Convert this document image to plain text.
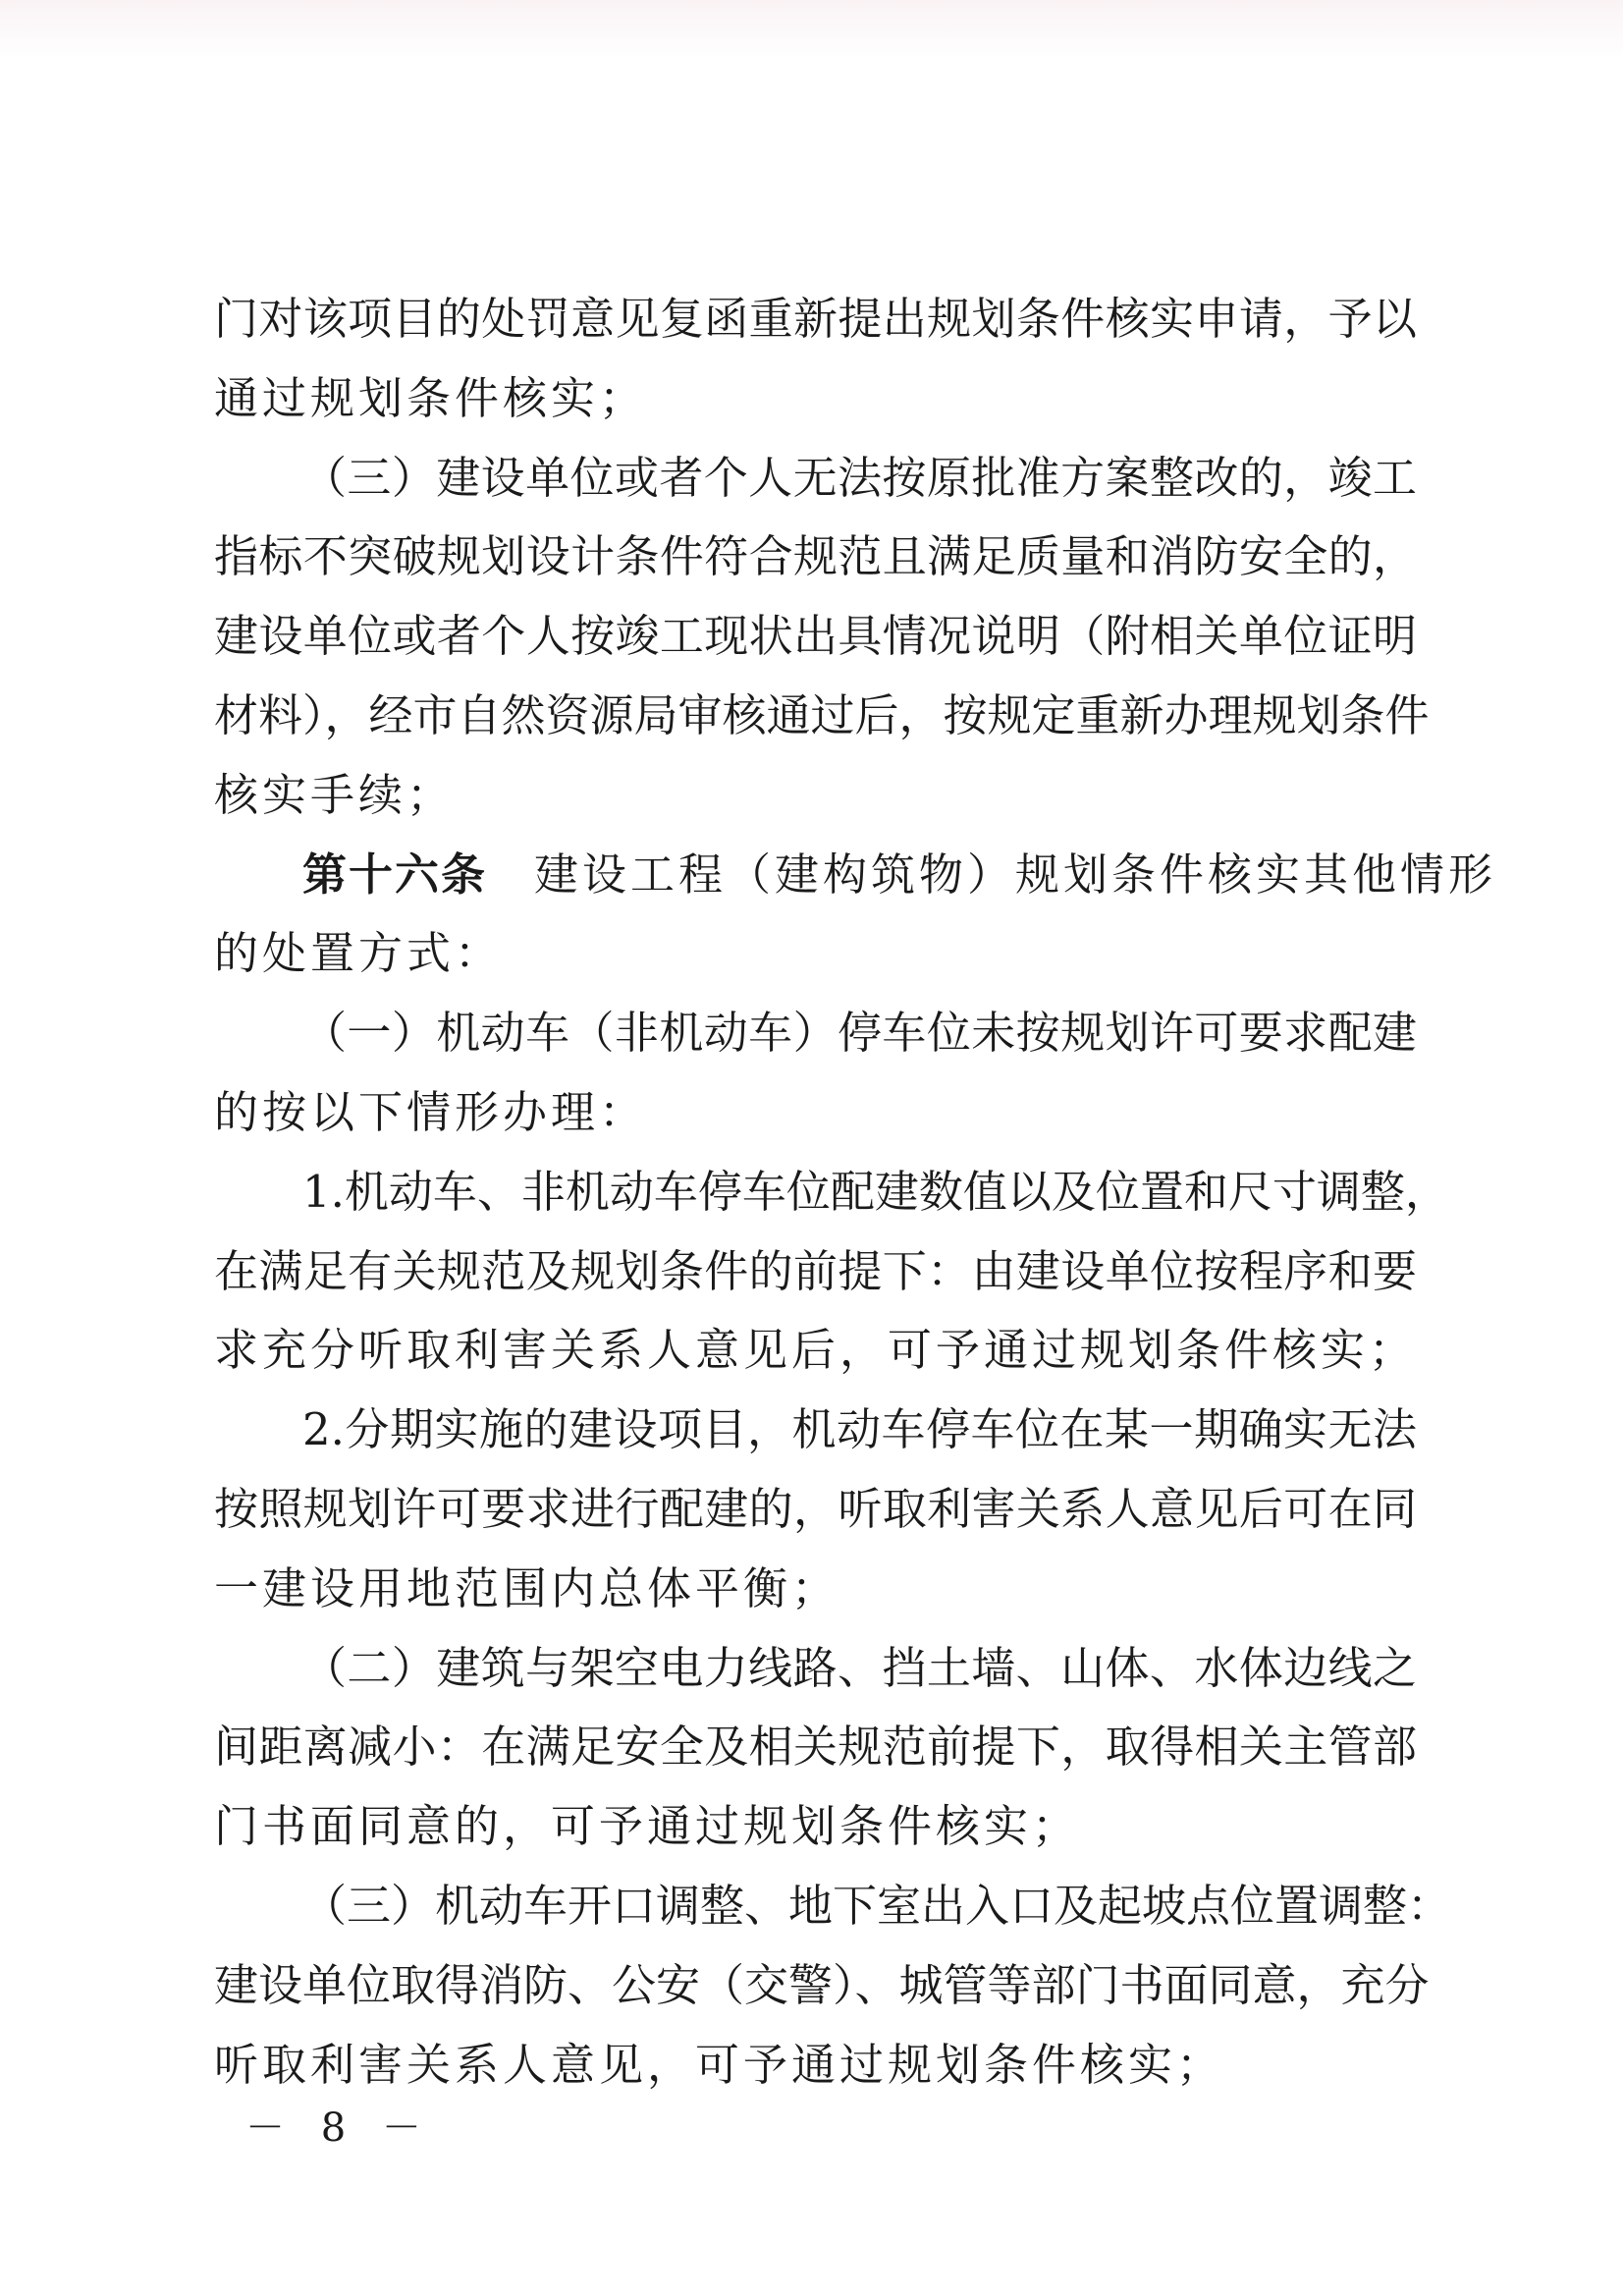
门对该项目的处罚意见复函重新提出规划条件核实申请，予以
通过规划条件核实；
（三）建设单位或者个人无法按原批准方案整改的，竣工
指标不突破规划设计条件符合规范且满足质量和消防安全的，
建设单位或者个人按竣工现状出具情况说明（附相关单位证明
材料），经市自然资源局审核通过后，按规定重新办理规划条件
核实手续；
第十六条 建设工程（建构筑物）规划条件核实其他情形
的处置方式：
（一）机动车（非机动车）停车位未按规划许可要求配建
的按以下情形办理：
1.机动车、非机动车停车位配建数值以及位置和尺寸调整，
在满足有关规范及规划条件的前提下：由建设单位按程序和要
求充分听取利害关系人意见后，可予通过规划条件核实；
2.分期实施的建设项目，机动车停车位在某一期确实无法
按照规划许可要求进行配建的，听取利害关系人意见后可在同
一建设用地范围内总体平衡；
（二）建筑与架空电力线路、挡土墙、山体、水体边线之
间距离减小：在满足安全及相关规范前提下，取得相关主管部
门书面同意的，可予通过规划条件核实；
（三）机动车开口调整、地下室出入口及起坡点位置调整：
建设单位取得消防、公安（交警）、城管等部门书面同意，充分
听取利害关系人意见，可予通过规划条件核实；
－ 8 －
